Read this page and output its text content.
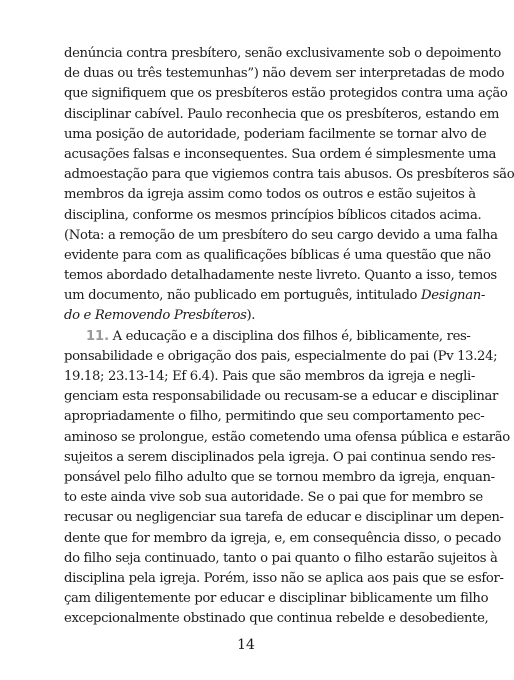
denúncia contra presbítero, senão exclusivamente sob o depoimento
de duas ou três testemunhas”) não devem ser interpretadas de modo
que signifiquem que os presbíteros estão protegidos contra uma ação
disciplinar cabível. Paulo reconhecia que os presbíteros, estando em
uma posição de autoridade, poderiam facilmente se tornar alvo de
acusações falsas e inconsequentes. Sua ordem é simplesmente uma
admoestação para que vigiemos contra tais abusos. Os presbíteros são
membros da igreja assim como todos os outros e estão sujeitos à
disciplina, conforme os mesmos princípios bíblicos citados acima.
(Nota: a remoção de um presbítero do seu cargo devido a uma falha
evidente para com as qualificações bíblicas é uma questão que não
temos abordado detalhadamente neste livreto. Quanto a isso, temos
um documento, não publicado em português, intitulado Designan-
do e Removendo Presbíteros).
11. A educação e a disciplina dos filhos é, biblicamente, res-
ponsabilidade e obrigação dos pais, especialmente do pai (Pv 13.24;
19.18; 23.13-14; Ef 6.4). Pais que são membros da igreja e negli-
genciam esta responsabilidade ou recusam-se a educar e disciplinar
apropriadamente o filho, permitindo que seu comportamento pec-
aminoso se prolongue, estão cometendo uma ofensa pública e estarão
sujeitos a serem disciplinados pela igreja. O pai continua sendo res-
ponsável pelo filho adulto que se tornou membro da igreja, enquan-
to este ainda vive sob sua autoridade. Se o pai que for membro se
recusar ou negligenciar sua tarefa de educar e disciplinar um depen-
dente que for membro da igreja, e, em consequência disso, o pecado
do filho seja continuado, tanto o pai quanto o filho estarão sujeitos à
disciplina pela igreja. Porém, isso não se aplica aos pais que se esfor-
çam diligentemente por educar e disciplinar biblicamente um filho
excepcionalmente obstinado que continua rebelde e desobediente,
14
